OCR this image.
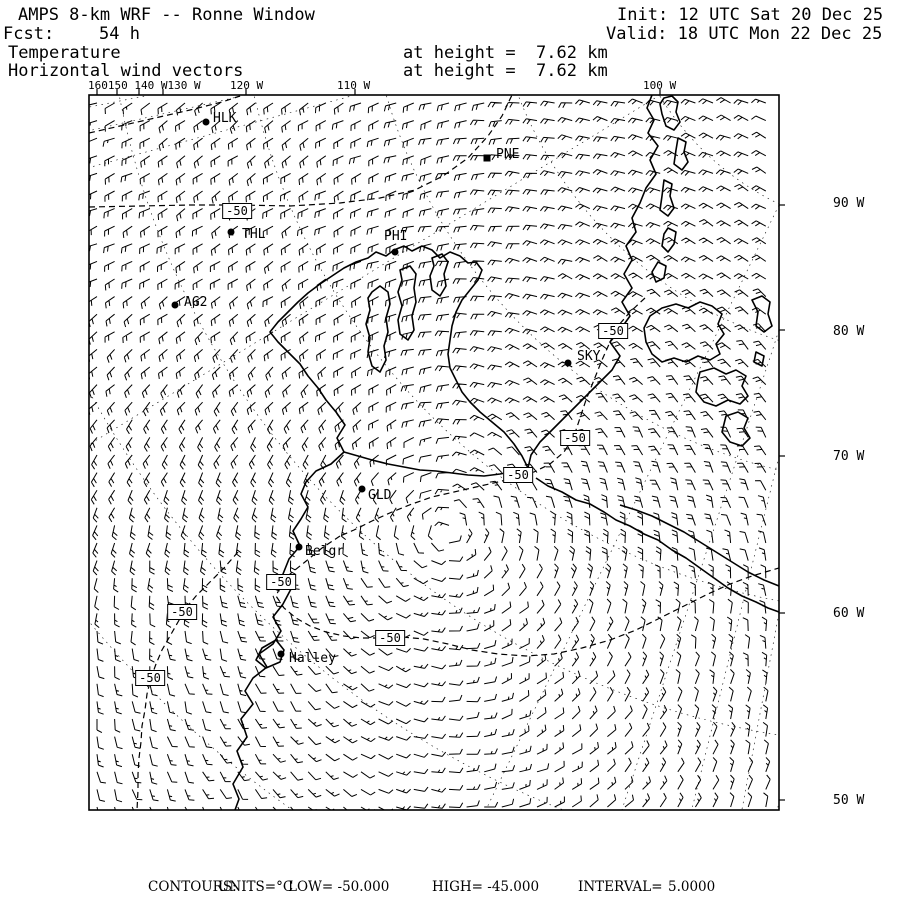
AMPS 8-km WRF -- Ronne Window	Init: 12 UTC Sat 20 Dec 25
Fcst:	54 h	Valid: 18 UTC Mon 22 Dec 25
Temperature	at height =  7.62 km
Horizontal wind vectors	at height =  7.62 km
160150 140 W130 W	120 W	110 W	100 W
90 W
80 W
70 W
60 W
50 W
HLK
PNE
THL	PHI
AG2
SKY
GLD
Belgr
Halley
-50
-50
-50
-50
-50
-50
-50
-50
CONTOURS:
UNITS=°C
LOW= -50.000	HIGH= -45.000	INTERVAL= 5.0000
